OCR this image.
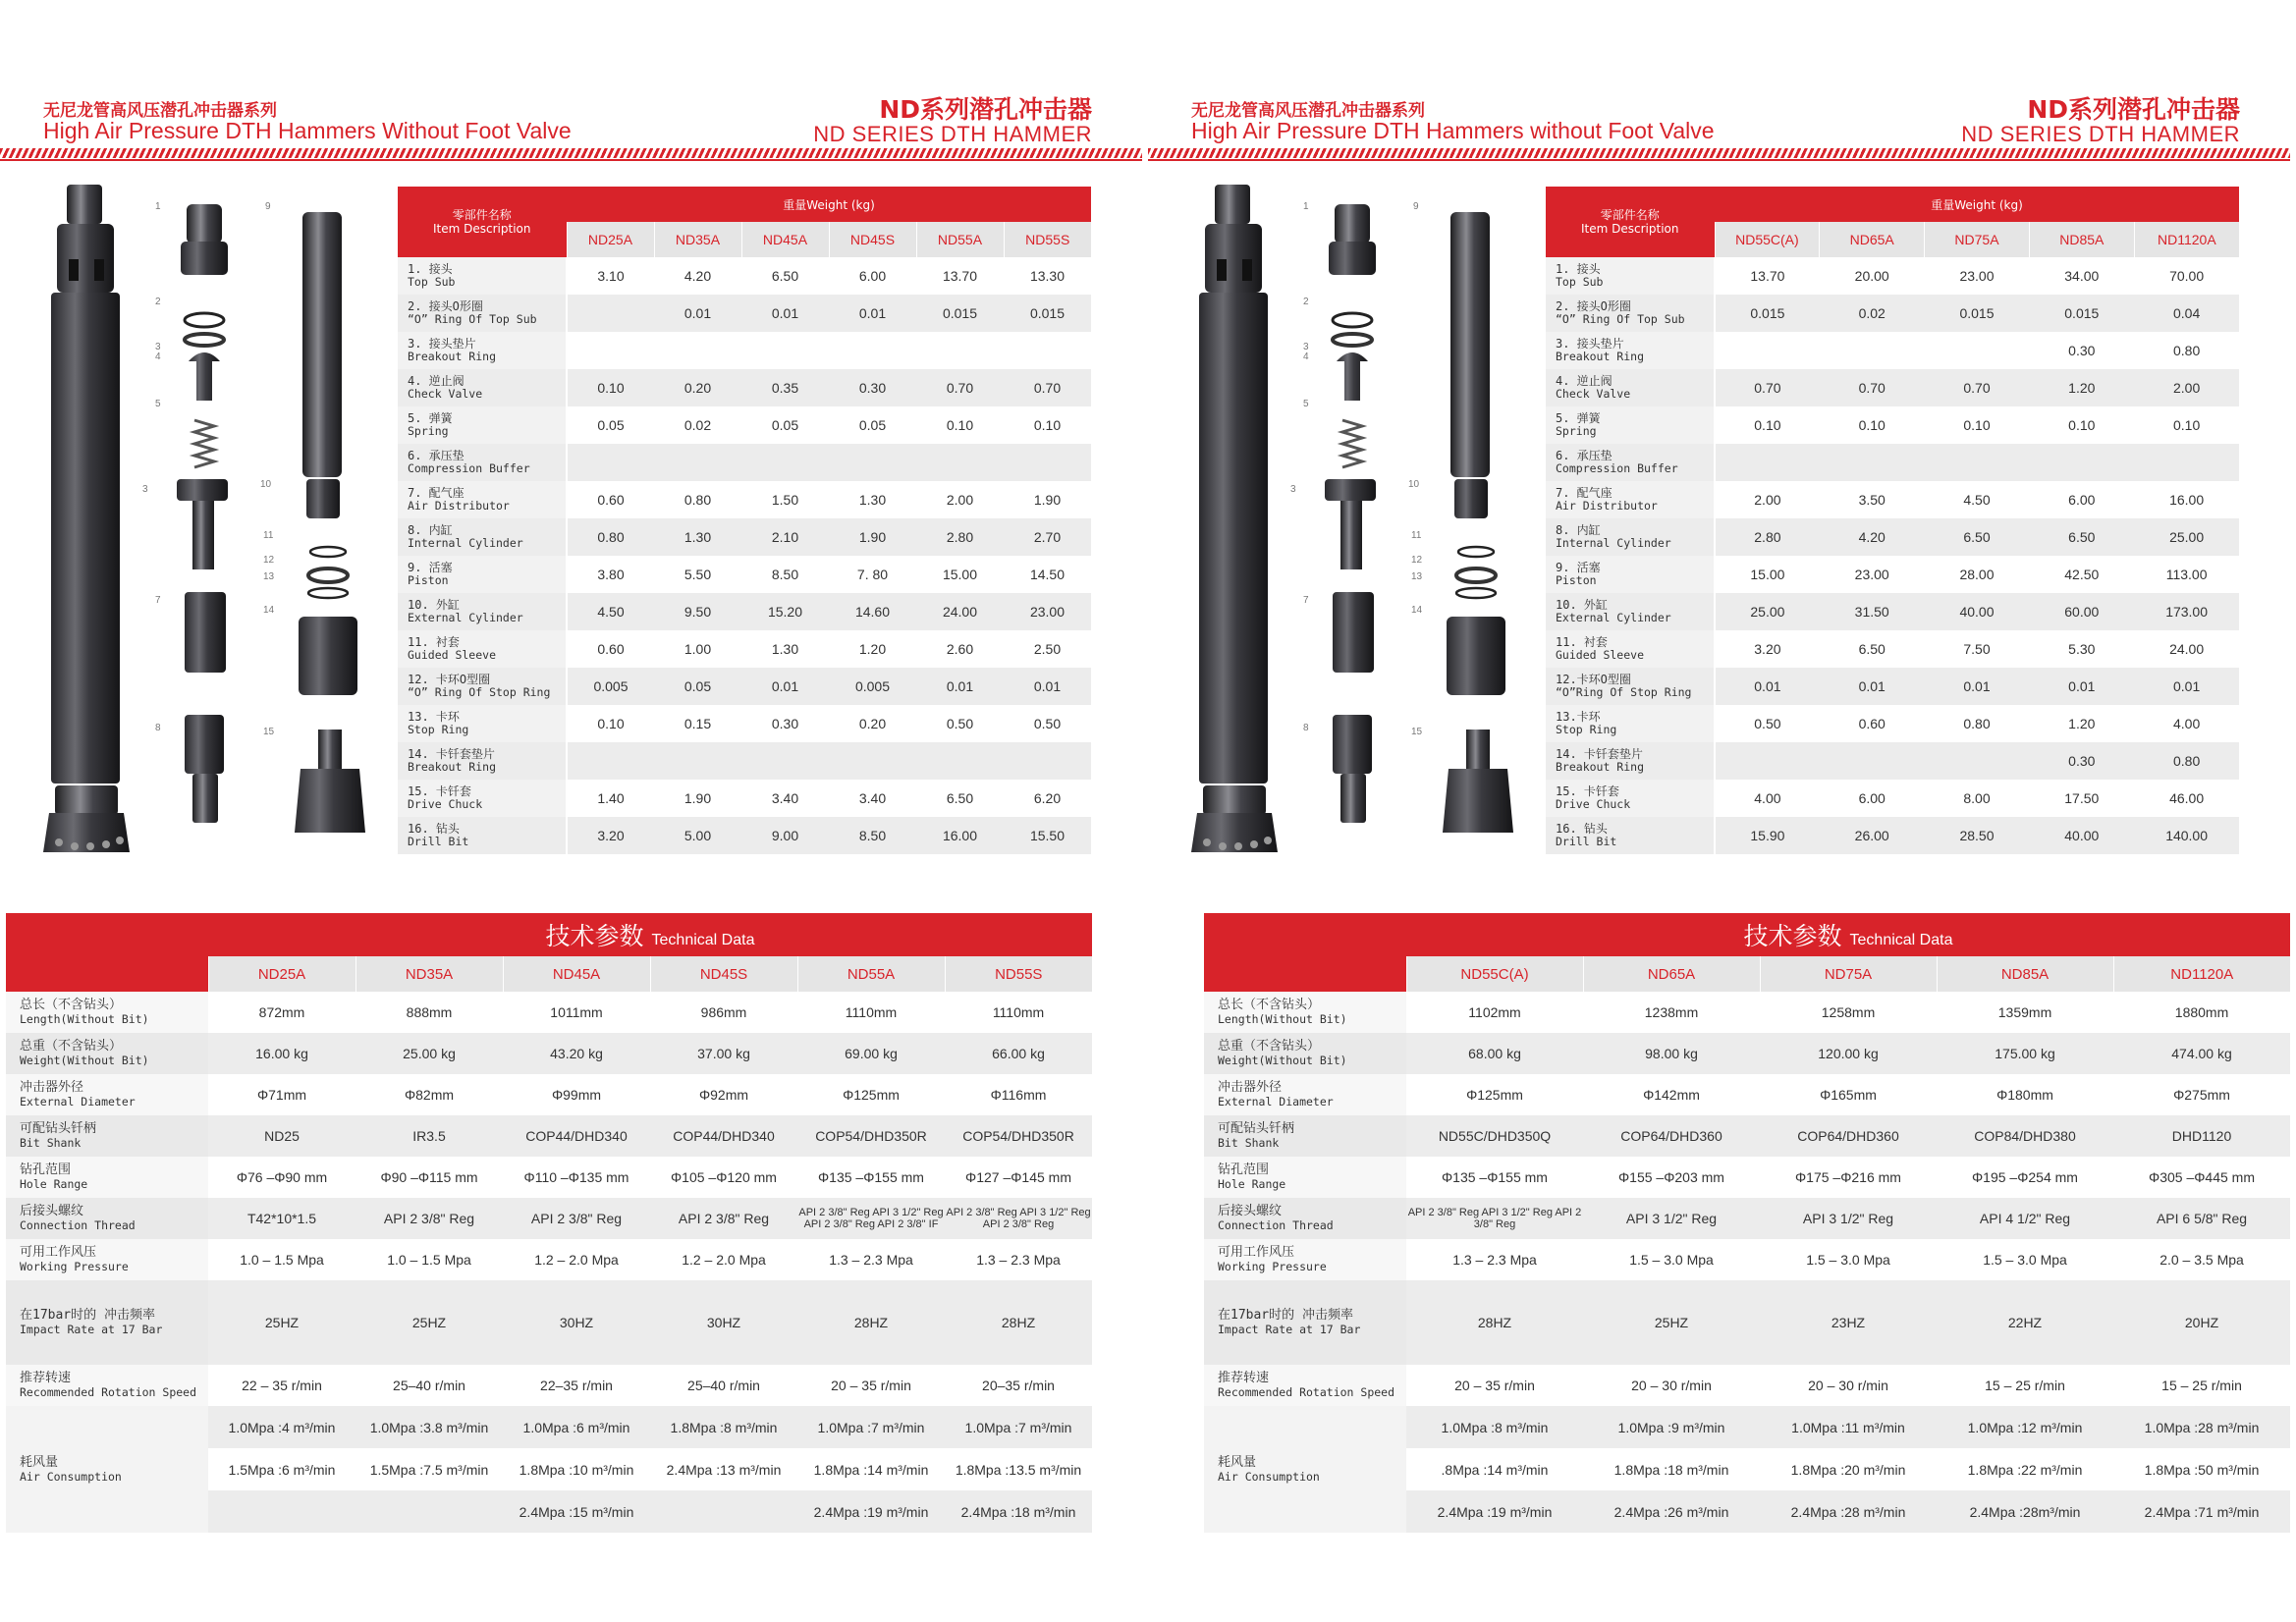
无尼龙管高风压潜孔冲击器系列
High Air Pressure DTH Hammers Without Foot Valve
ND系列潜孔冲击器
ND SERIES DTH HAMMER
1
2
3
4
5
3
7
8
9
10
11
12
13
14
15
零部件名称
Item Description	重量Weight (kg)					
	ND25A	ND35A	ND45A	ND45S	ND55A	ND55S

1. 接头
Top Sub	3.10	4.20	6.50	6.00	13.70	13.30

2. 接头O形圈
“O” Ring Of Top Sub		0.01	0.01	0.01	0.015	0.015

3. 接头垫片
Breakout Ring						

4. 逆止阀
Check Valve	0.10	0.20	0.35	0.30	0.70	0.70

5. 弹簧
Spring	0.05	0.02	0.05	0.05	0.10	0.10

6. 承压垫
Compression Buffer						

7. 配气座
Air Distributor	0.60	0.80	1.50	1.30	2.00	1.90

8. 内缸
Internal Cylinder	0.80	1.30	2.10	1.90	2.80	2.70

9. 活塞
Piston	3.80	5.50	8.50	7. 80	15.00	14.50

10. 外缸
External Cylinder	4.50	9.50	15.20	14.60	24.00	23.00

11. 衬套
Guided Sleeve	0.60	1.00	1.30	1.20	2.60	2.50

12. 卡环O型圈
“O” Ring Of Stop Ring	0.005	0.05	0.01	0.005	0.01	0.01

13. 卡环
Stop Ring	0.10	0.15	0.30	0.20	0.50	0.50

14. 卡钎套垫片
Breakout Ring						

15. 卡钎套
Drive Chuck	1.40	1.90	3.40	3.40	6.50	6.20

16. 钻头
Drill Bit	3.20	5.00	9.00	8.50	16.00	15.50
	技术参数 Technical Data					
	ND25A	ND35A	ND45A	ND45S	ND55A	ND55S

总长（不含钻头）
Length(Without Bit)	872mm	888mm	1011mm	986mm	1110mm	1110mm

总重（不含钻头）
Weight(Without Bit)	16.00 kg	25.00 kg	43.20 kg	37.00 kg	69.00 kg	66.00 kg

冲击器外径
External Diameter	Φ71mm	Φ82mm	Φ99mm	Φ92mm	Φ125mm	Φ116mm

可配钻头钎柄
Bit Shank	ND25	IR3.5	COP44/DHD340	COP44/DHD340	COP54/DHD350R	COP54/DHD350R

钻孔范围
Hole Range	Φ76 –Φ90 mm	Φ90 –Φ115 mm	Φ110 –Φ135 mm	Φ105 –Φ120 mm	Φ135 –Φ155 mm	Φ127 –Φ145 mm

后接头螺纹
Connection Thread	T42*10*1.5	API 2 3/8" Reg	API 2 3/8" Reg	API 2 3/8" Reg	API 2 3/8" Reg API 3 1/2" Reg API 2 3/8" Reg API 2 3/8" IF	API 2 3/8" Reg API 3 1/2" Reg API 2 3/8" Reg

可用工作风压
Working Pressure	1.0 – 1.5 Mpa	1.0 – 1.5 Mpa	1.2 – 2.0 Mpa	1.2 – 2.0 Mpa	1.3 – 2.3 Mpa	1.3 – 2.3 Mpa

在17bar时的 冲击频率
Impact Rate at 17 Bar	25HZ	25HZ	30HZ	30HZ	28HZ	28HZ

推荐转速
Recommended Rotation Speed	22 – 35 r/min	25–40 r/min	22–35 r/min	25–40 r/min	20 – 35 r/min	20–35 r/min

耗风量
Air Consumption	1.0Mpa :4 m³/min	1.0Mpa :3.8 m³/min	1.0Mpa :6 m³/min	1.8Mpa :8 m³/min	1.0Mpa :7 m³/min	1.0Mpa :7 m³/min
	1.5Mpa :6 m³/min	1.5Mpa :7.5 m³/min	1.8Mpa :10 m³/min	2.4Mpa :13 m³/min	1.8Mpa :14 m³/min	1.8Mpa :13.5 m³/min
			2.4Mpa :15 m³/min		2.4Mpa :19 m³/min	2.4Mpa :18 m³/min
无尼龙管高风压潜孔冲击器系列
High Air Pressure DTH Hammers without Foot Valve
ND系列潜孔冲击器
ND SERIES DTH HAMMER
1
2
3
4
5
3
7
8
9
10
11
12
13
14
15
零部件名称
Item Description	重量Weight (kg)				
	ND55C(A)	ND65A	ND75A	ND85A	ND1120A

1. 接头
Top Sub	13.70	20.00	23.00	34.00	70.00

2. 接头O形圈
“O” Ring Of Top Sub	0.015	0.02	0.015	0.015	0.04

3. 接头垫片
Breakout Ring				0.30	0.80

4. 逆止阀
Check Valve	0.70	0.70	0.70	1.20	2.00

5. 弹簧
Spring	0.10	0.10	0.10	0.10	0.10

6. 承压垫
Compression Buffer					

7. 配气座
Air Distributor	2.00	3.50	4.50	6.00	16.00

8. 内缸
Internal Cylinder	2.80	4.20	6.50	6.50	25.00

9. 活塞
Piston	15.00	23.00	28.00	42.50	113.00

10. 外缸
External Cylinder	25.00	31.50	40.00	60.00	173.00

11. 衬套
Guided Sleeve	3.20	6.50	7.50	5.30	24.00

12.卡环O型圈
“O”Ring Of Stop Ring	0.01	0.01	0.01	0.01	0.01

13.卡环
Stop Ring	0.50	0.60	0.80	1.20	4.00

14. 卡钎套垫片
Breakout Ring				0.30	0.80

15. 卡钎套
Drive Chuck	4.00	6.00	8.00	17.50	46.00

16. 钻头
Drill Bit	15.90	26.00	28.50	40.00	140.00
	技术参数 Technical Data				
	ND55C(A)	ND65A	ND75A	ND85A	ND1120A

总长（不含钻头）
Length(Without Bit)	1102mm	1238mm	1258mm	1359mm	1880mm

总重（不含钻头）
Weight(Without Bit)	68.00 kg	98.00 kg	120.00 kg	175.00 kg	474.00 kg

冲击器外径
External Diameter	Φ125mm	Φ142mm	Φ165mm	Φ180mm	Φ275mm

可配钻头钎柄
Bit Shank	ND55C/DHD350Q	COP64/DHD360	COP64/DHD360	COP84/DHD380	DHD1120

钻孔范围
Hole Range	Φ135 –Φ155 mm	Φ155 –Φ203 mm	Φ175 –Φ216 mm	Φ195 –Φ254 mm	Φ305 –Φ445 mm

后接头螺纹
Connection Thread	API 2 3/8" Reg API 3 1/2" Reg API 2 3/8" Reg	API 3 1/2" Reg	API 3 1/2" Reg	API 4 1/2" Reg	API 6 5/8" Reg

可用工作风压
Working Pressure	1.3 – 2.3 Mpa	1.5 – 3.0 Mpa	1.5 – 3.0 Mpa	1.5 – 3.0 Mpa	2.0 – 3.5 Mpa

在17bar时的 冲击频率
Impact Rate at 17 Bar	28HZ	25HZ	23HZ	22HZ	20HZ

推荐转速
Recommended Rotation Speed	20 – 35 r/min	20 – 30 r/min	20 – 30 r/min	15 – 25 r/min	15 – 25 r/min

耗风量
Air Consumption	1.0Mpa :8 m³/min	1.0Mpa :9 m³/min	1.0Mpa :11 m³/min	1.0Mpa :12 m³/min	1.0Mpa :28 m³/min
	.8Mpa :14 m³/min	1.8Mpa :18 m³/min	1.8Mpa :20 m³/min	1.8Mpa :22 m³/min	1.8Mpa :50 m³/min
	2.4Mpa :19 m³/min	2.4Mpa :26 m³/min	2.4Mpa :28 m³/min	2.4Mpa :28m³/min	2.4Mpa :71 m³/min
